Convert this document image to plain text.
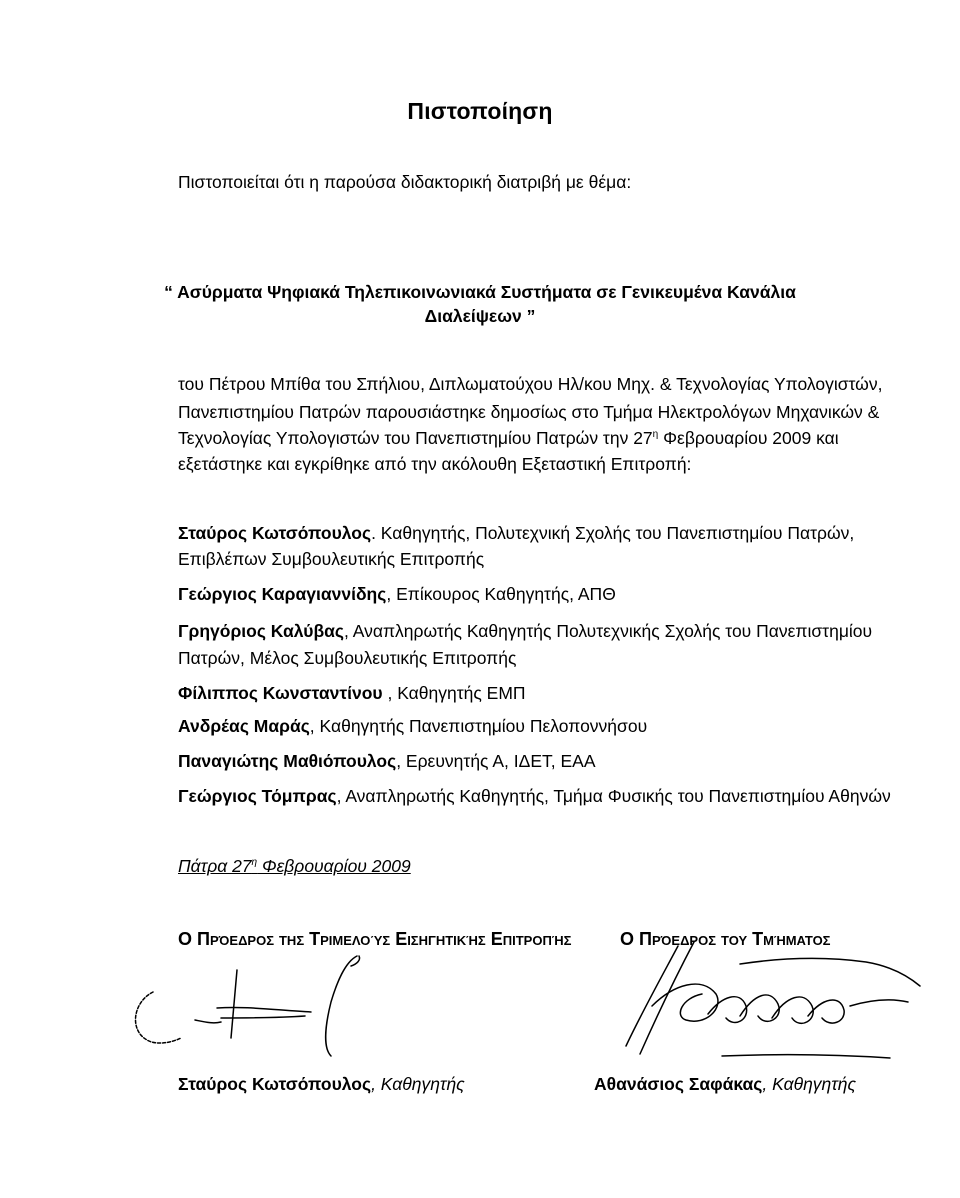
Πιστοποίηση
Πιστοποιείται ότι η παρούσα διδακτορική διατριβή με θέμα:
“ Ασύρματα Ψηφιακά Τηλεπικοινωνιακά Συστήματα σε Γενικευμένα Κανάλια
Διαλείψεων ”
του Πέτρου Μπίθα του Σπήλιου, Διπλωματούχου Ηλ/κου Μηχ. & Τεχνολογίας Υπολογιστών,
Πανεπιστημίου Πατρών παρουσιάστηκε δημοσίως στο Τμήμα Ηλεκτρολόγων Μηχανικών &
Τεχνολογίας Υπολογιστών του Πανεπιστημίου Πατρών την $27^\eta$ Φεβρουαρίου 2009 και
εξετάστηκε και εγκρίθηκε από την ακόλουθη Εξεταστική Επιτροπή:
Σταύρος Κωτσόπουλος. Καθηγητής, Πολυτεχνική Σχολής του Πανεπιστημίου Πατρών,
Επιβλέπων Συμβουλευτικής Επιτροπής
Γεώργιος Καραγιαννίδης, Επίκουρος Καθηγητής, ΑΠΘ
Γρηγόριος Καλύβας, Αναπληρωτής Καθηγητής Πολυτεχνικής Σχολής του Πανεπιστημίου
Πατρών, Μέλος Συμβουλευτικής Επιτροπής
Φίλιππος Κωνσταντίνου , Καθηγητής ΕΜΠ
Ανδρέας Μαράς, Καθηγητής Πανεπιστημίου Πελοποννήσου
Παναγιώτης Μαθιόπουλος, Ερευνητής Α, ΙΔΕΤ, ΕΑΑ
Γεώργιος Τόμπρας, Αναπληρωτής Καθηγητής, Τμήμα Φυσικής του Πανεπιστημίου Αθηνών
Πάτρα $27^\eta$ Φεβρουαρίου 2009
Ο Πρόεδρος της Τριμελούς Εισηγητικής Επιτροπής	Ο Πρόεδρος του Τμήματος
Σταύρος Κωτσόπουλος, Καθηγητής	Αθανάσιος Σαφάκας, Καθηγητής
